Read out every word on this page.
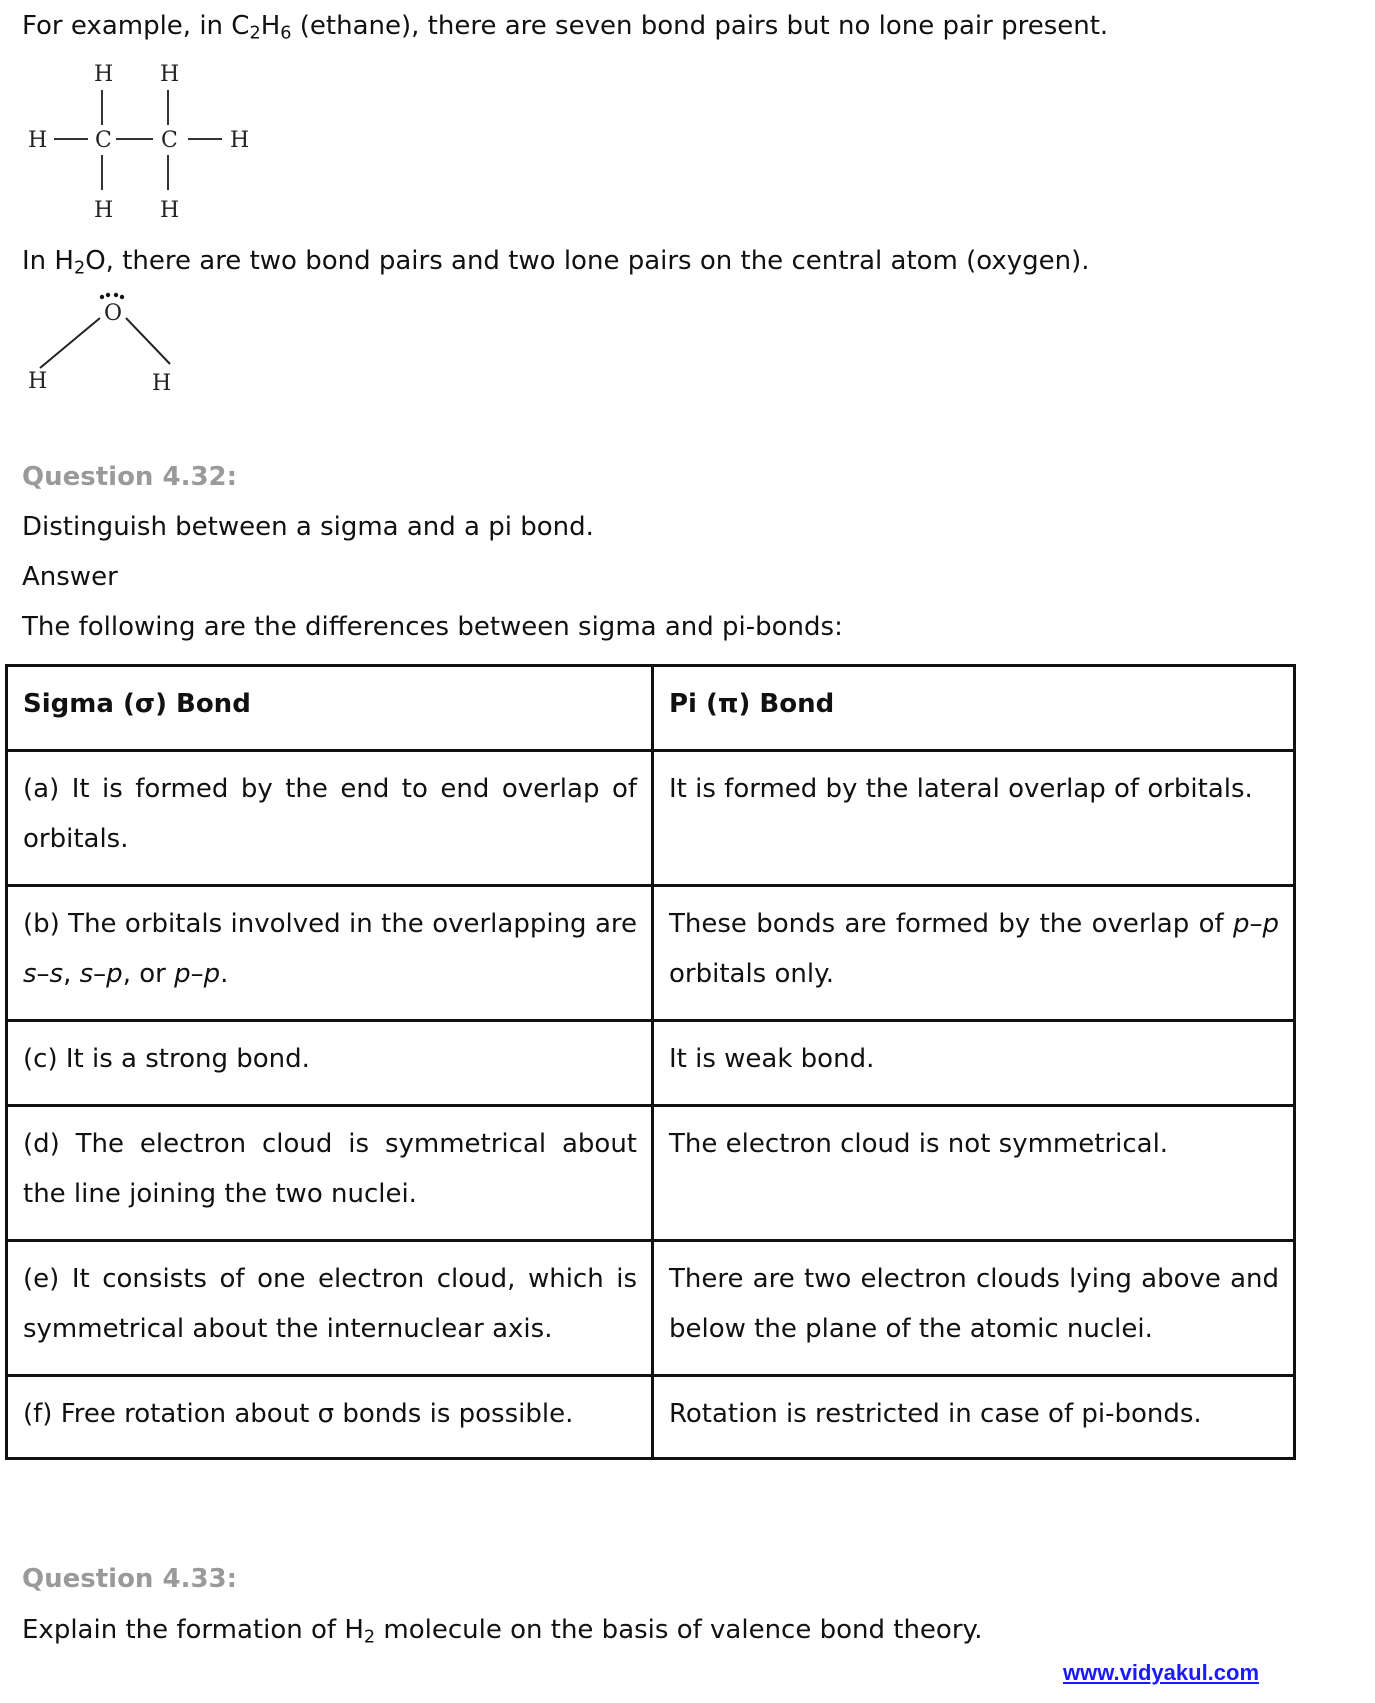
For example, in $C_2H_6$ (ethane), there are seven bond pairs but no lone pair present.
H H
H C C H
H H
In $H_2O$, there are two bond pairs and two lone pairs on the central atom (oxygen).
O
H	H
Question 4.32:
Distinguish between a sigma and a pi bond.
Answer
The following are the differences between sigma and pi-bonds:
Sigma (σ) Bond	Pi (π) Bond
(a) It is formed by the end to end overlap of orbitals.	It is formed by the lateral overlap of orbitals.
(b) The orbitals involved in the overlapping are s–s, s–p, or p–p.	These bonds are formed by the overlap of p–p orbitals only.
(c) It is a strong bond.	It is weak bond.
(d) The electron cloud is symmetrical about the line joining the two nuclei.	The electron cloud is not symmetrical.
(e) It consists of one electron cloud, which is symmetrical about the internuclear axis.	There are two electron clouds lying above and below the plane of the atomic nuclei.
(f) Free rotation about σ bonds is possible.	Rotation is restricted in case of pi-bonds.
Question 4.33:
Explain the formation of $H_2$ molecule on the basis of valence bond theory.
www.vidyakul.com
